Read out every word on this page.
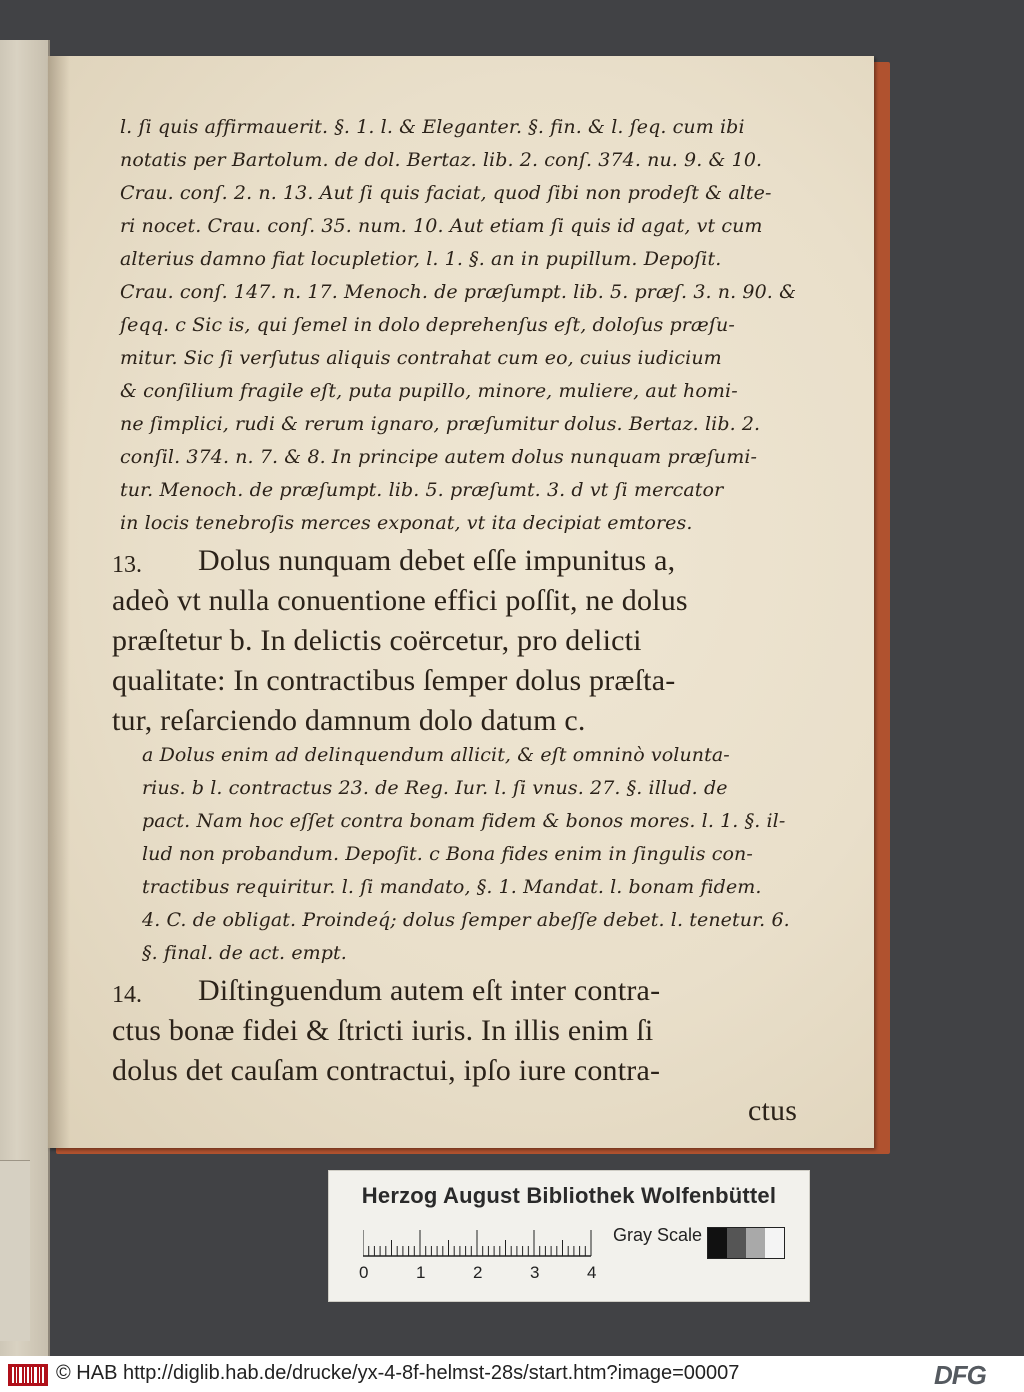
l. ſi quis affirmauerit. §. 1. l. & Eleganter. §. fin. & l. ſeq. cum ibi
notatis per Bartolum. de dol. Bertaz. lib. 2. conſ. 374. nu. 9. & 10.
Crau. conſ. 2. n. 13. Aut ſi quis faciat, quod ſibi non prodeſt & alte-
ri nocet. Crau. conſ. 35. num. 10. Aut etiam ſi quis id agat, vt cum
alterius damno fiat locupletior, l. 1. §. an in pupillum. Depoſit.
Crau. conſ. 147. n. 17. Menoch. de præſumpt. lib. 5. præſ. 3. n. 90. &
ſeqq. c Sic is, qui ſemel in dolo deprehenſus eſt, doloſus præſu-
mitur. Sic ſi verſutus aliquis contrahat cum eo, cuius iudicium
& conſilium fragile eſt, puta pupillo, minore, muliere, aut homi-
ne ſimplici, rudi & rerum ignaro, præſumitur dolus. Bertaz. lib. 2.
conſil. 374. n. 7. & 8. In principe autem dolus nunquam præſumi-
tur. Menoch. de præſumpt. lib. 5. præſumt. 3. d vt ſi mercator
in locis tenebroſis merces exponat, vt ita decipiat emtores.
13. Dolus nunquam debet eſſe impunitus a,
adeò vt nulla conuentione effici poſſit, ne dolus
præſtetur b. In delictis coërcetur, pro delicti
qualitate: In contractibus ſemper dolus præſta-
tur, reſarciendo damnum dolo datum c.
a Dolus enim ad delinquendum allicit, & eſt omninò volunta-
rius. b l. contractus 23. de Reg. Iur. l. ſi vnus. 27. §. illud. de
pact. Nam hoc eſſet contra bonam fidem & bonos mores. l. 1. §. il-
lud non probandum. Depoſit. c Bona fides enim in ſingulis con-
tractibus requiritur. l. ſi mandato, §. 1. Mandat. l. bonam fidem.
4. C. de obligat. Proindeq́; dolus ſemper abeſſe debet. l. tenetur. 6.
§. final. de act. empt.
14. Diſtinguendum autem eſt inter contra-
ctus bonæ fidei & ſtricti iuris. In illis enim ſi
dolus det cauſam contractui, ipſo iure contra-
ctus
Herzog August Bibliothek Wolfenbüttel
0	1	2	3	4
Gray Scale
© HAB http://diglib.hab.de/drucke/yx-4-8f-helmst-28s/start.htm?image=00007	DFG
